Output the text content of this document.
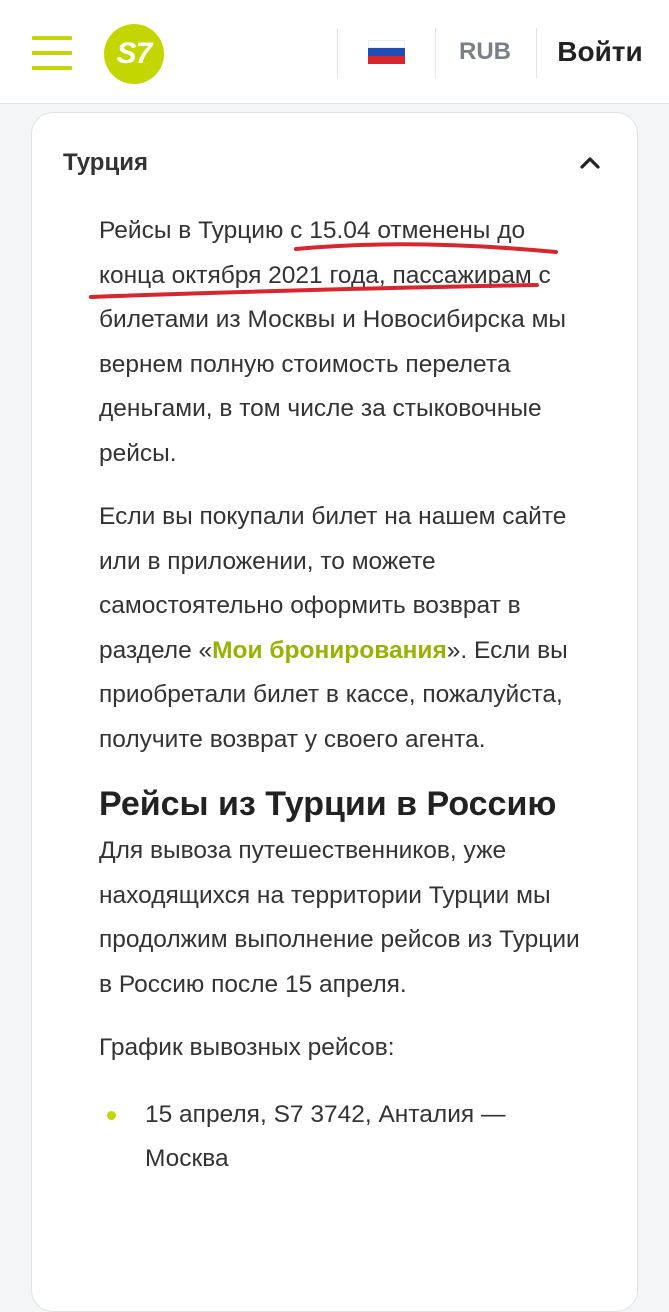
S7	RUB	Войти
Турция

Рейсы в Турцию с 15.04 отменены до конца октября 2021 года, пассажирам с билетами из Москвы и Новосибирска мы вернем полную стоимость перелета деньгами, в том числе за стыковочные рейсы.

Если вы покупали билет на нашем сайте или в приложении, то можете самостоятельно оформить возврат в разделе «Мои бронирования». Если вы приобретали билет в кассе, пожалуйста, получите возврат у своего агента.

Рейсы из Турции в Россию

Для вывоза путешественников, уже находящихся на территории Турции мы продолжим выполнение рейсов из Турции в Россию после 15 апреля.

График вывозных рейсов:

15 апреля, S7 3742, Анталия — Москва
